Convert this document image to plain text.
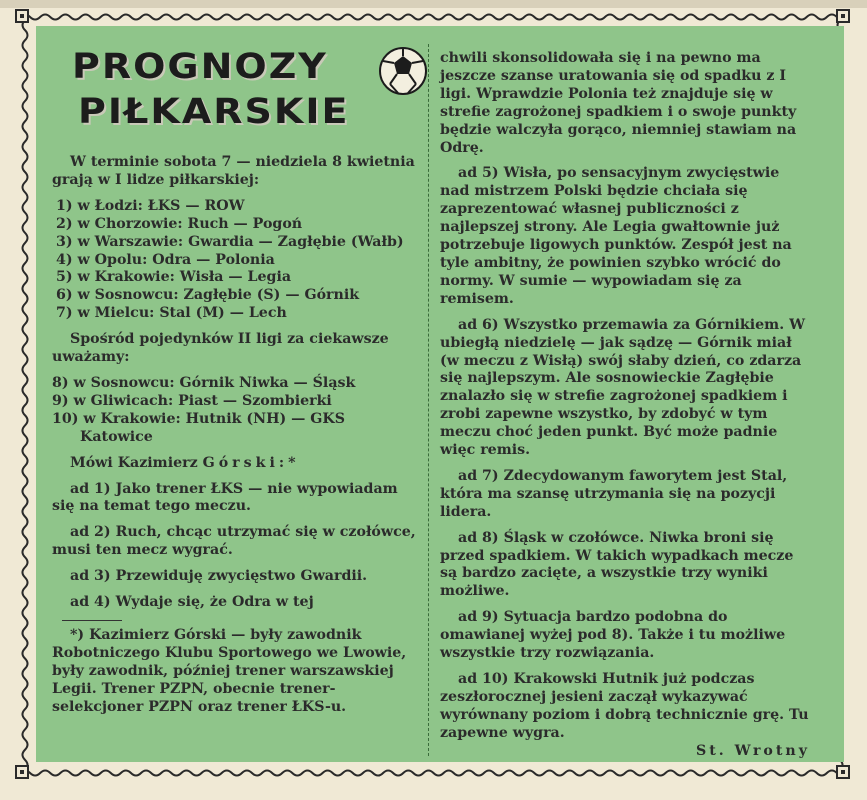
PROGNOZY
PIŁKARSKIE

W terminie sobota 7 — niedziela 8 kwietnia grają w I lidze piłkarskiej:

1) w Łodzi: ŁKS — ROW

2) w Chorzowie: Ruch — Pogoń

3) w Warszawie: Gwardia — Zagłębie (Wałb)

4) w Opolu: Odra — Polonia

5) w Krakowie: Wisła — Legia

6) w Sosnowcu: Zagłębie (S) — Górnik

7) w Mielcu: Stal (M) — Lech

Spośród pojedynków II ligi za ciekawsze uważamy:

8) w Sosnowcu: Górnik Niwka — Śląsk

9) w Gliwicach: Piast — Szombierki

10) w Krakowie: Hutnik (NH) — GKS Katowice

Mówi Kazimierz Górski:*

ad 1) Jako trener ŁKS — nie wypowiadam się na temat tego meczu.

ad 2) Ruch, chcąc utrzymać się w czołówce, musi ten mecz wygrać.

ad 3) Przewiduję zwycięstwo Gwardii.

ad 4) Wydaje się, że Odra w tej

*) Kazimierz Górski — były zawodnik Robotniczego Klubu Sportowego we Lwowie, były zawodnik, później trener warszawskiej Legii. Trener PZPN, obecnie trener-selekcjoner PZPN oraz trener ŁKS-u.

chwili skonsolidowała się i na pewno ma jeszcze szanse uratowania się od spadku z I ligi. Wprawdzie Polonia też znajduje się w strefie zagrożonej spadkiem i o swoje punkty będzie walczyła gorąco, niemniej stawiam na Odrę.

ad 5) Wisła, po sensacyjnym zwycięstwie nad mistrzem Polski będzie chciała się zaprezentować własnej publiczności z najlepszej strony. Ale Legia gwałtownie już potrzebuje ligowych punktów. Zespół jest na tyle ambitny, że powinien szybko wrócić do normy. W sumie — wypowiadam się za remisem.

ad 6) Wszystko przemawia za Górnikiem. W ubiegłą niedzielę — jak sądzę — Górnik miał (w meczu z Wisłą) swój słaby dzień, co zdarza się najlepszym. Ale sosnowieckie Zagłębie znalazło się w strefie zagrożonej spadkiem i zrobi zapewne wszystko, by zdobyć w tym meczu choć jeden punkt. Być może padnie więc remis.

ad 7) Zdecydowanym faworytem jest Stal, która ma szansę utrzymania się na pozycji lidera.

ad 8) Śląsk w czołówce. Niwka broni się przed spadkiem. W takich wypadkach mecze są bardzo zacięte, a wszystkie trzy wyniki możliwe.

ad 9) Sytuacja bardzo podobna do omawianej wyżej pod 8). Także i tu możliwe wszystkie trzy rozwiązania.

ad 10) Krakowski Hutnik już podczas zeszłorocznej jesieni zaczął wykazywać wyrównany poziom i dobrą technicznie grę. Tu zapewne wygra.

St. Wrotny
